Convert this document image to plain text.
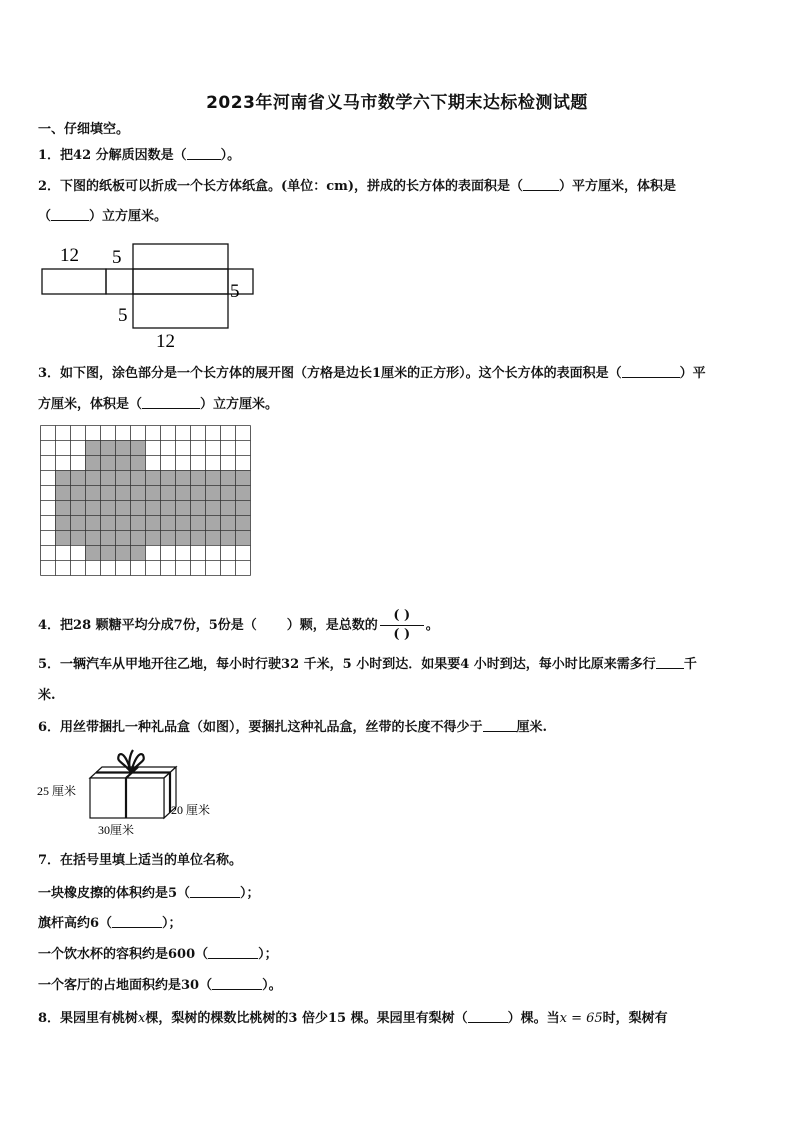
2023年河南省义马市数学六下期末达标检测试题
一、仔细填空。
1．把42 分解质因数是（	）。
2．下图的纸板可以折成一个长方体纸盒。(单位：cm)，拼成的长方体的表面积是（	）平方厘米，体积是
（	）立方厘米。
12 5
5
5
12
3．如下图，涂色部分是一个长方体的展开图（方格是边长1厘米的正方形）。这个长方体的表面积是（	）平
方厘米，体积是（	）立方厘米。
4．把28 颗糖平均分成7份，5份是（ ）颗，是总数的 $\frac{( )}{( )}$ 。
5．一辆汽车从甲地开往乙地，每小时行驶32 千米，5 小时到达．如果要4 小时到达，每小时比原来需多行 千
米.
6．用丝带捆扎一种礼品盒（如图），要捆扎这种礼品盒，丝带的长度不得少于	厘米.
25 厘米
20 厘米
30厘米
7．在括号里填上适当的单位名称。
一块橡皮擦的体积约是5（	）；
旗杆高约6（	）；
一个饮水杯的容积约是600（	）；
一个客厅的占地面积约是30（	）。
8．果园里有桃树x棵，梨树的棵数比桃树的3 倍少15 棵。果园里有梨树（	）棵。当x = 65时，梨树有
